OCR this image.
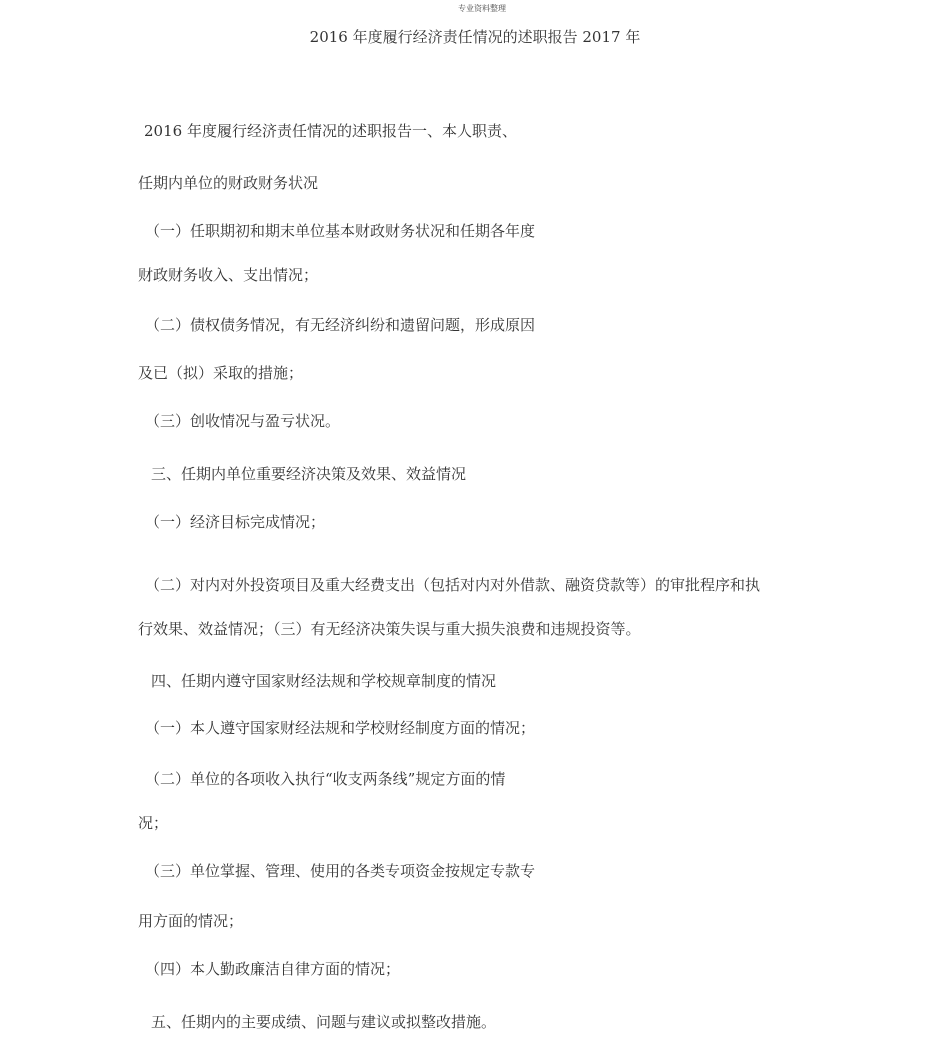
专业资料整理

2016 年度履行经济责任情况的述职报告 2017 年

2016 年度履行经济责任情况的述职报告一、本人职责、

任期内单位的财政财务状况

（一）任职期初和期末单位基本财政财务状况和任期各年度

财政财务收入、支出情况；

（二）债权债务情况，有无经济纠纷和遗留问题，形成原因

及已（拟）采取的措施；

（三）创收情况与盈亏状况。

三、任期内单位重要经济决策及效果、效益情况

（一）经济目标完成情况；

（二）对内对外投资项目及重大经费支出（包括对内对外借款、融资贷款等）的审批程序和执

行效果、效益情况；（三）有无经济决策失误与重大损失浪费和违规投资等。

四、任期内遵守国家财经法规和学校规章制度的情况

（一）本人遵守国家财经法规和学校财经制度方面的情况；

（二）单位的各项收入执行“收支两条线”规定方面的情

况；

（三）单位掌握、管理、使用的各类专项资金按规定专款专

用方面的情况；

（四）本人勤政廉洁自律方面的情况；

五、任期内的主要成绩、问题与建议或拟整改措施。
